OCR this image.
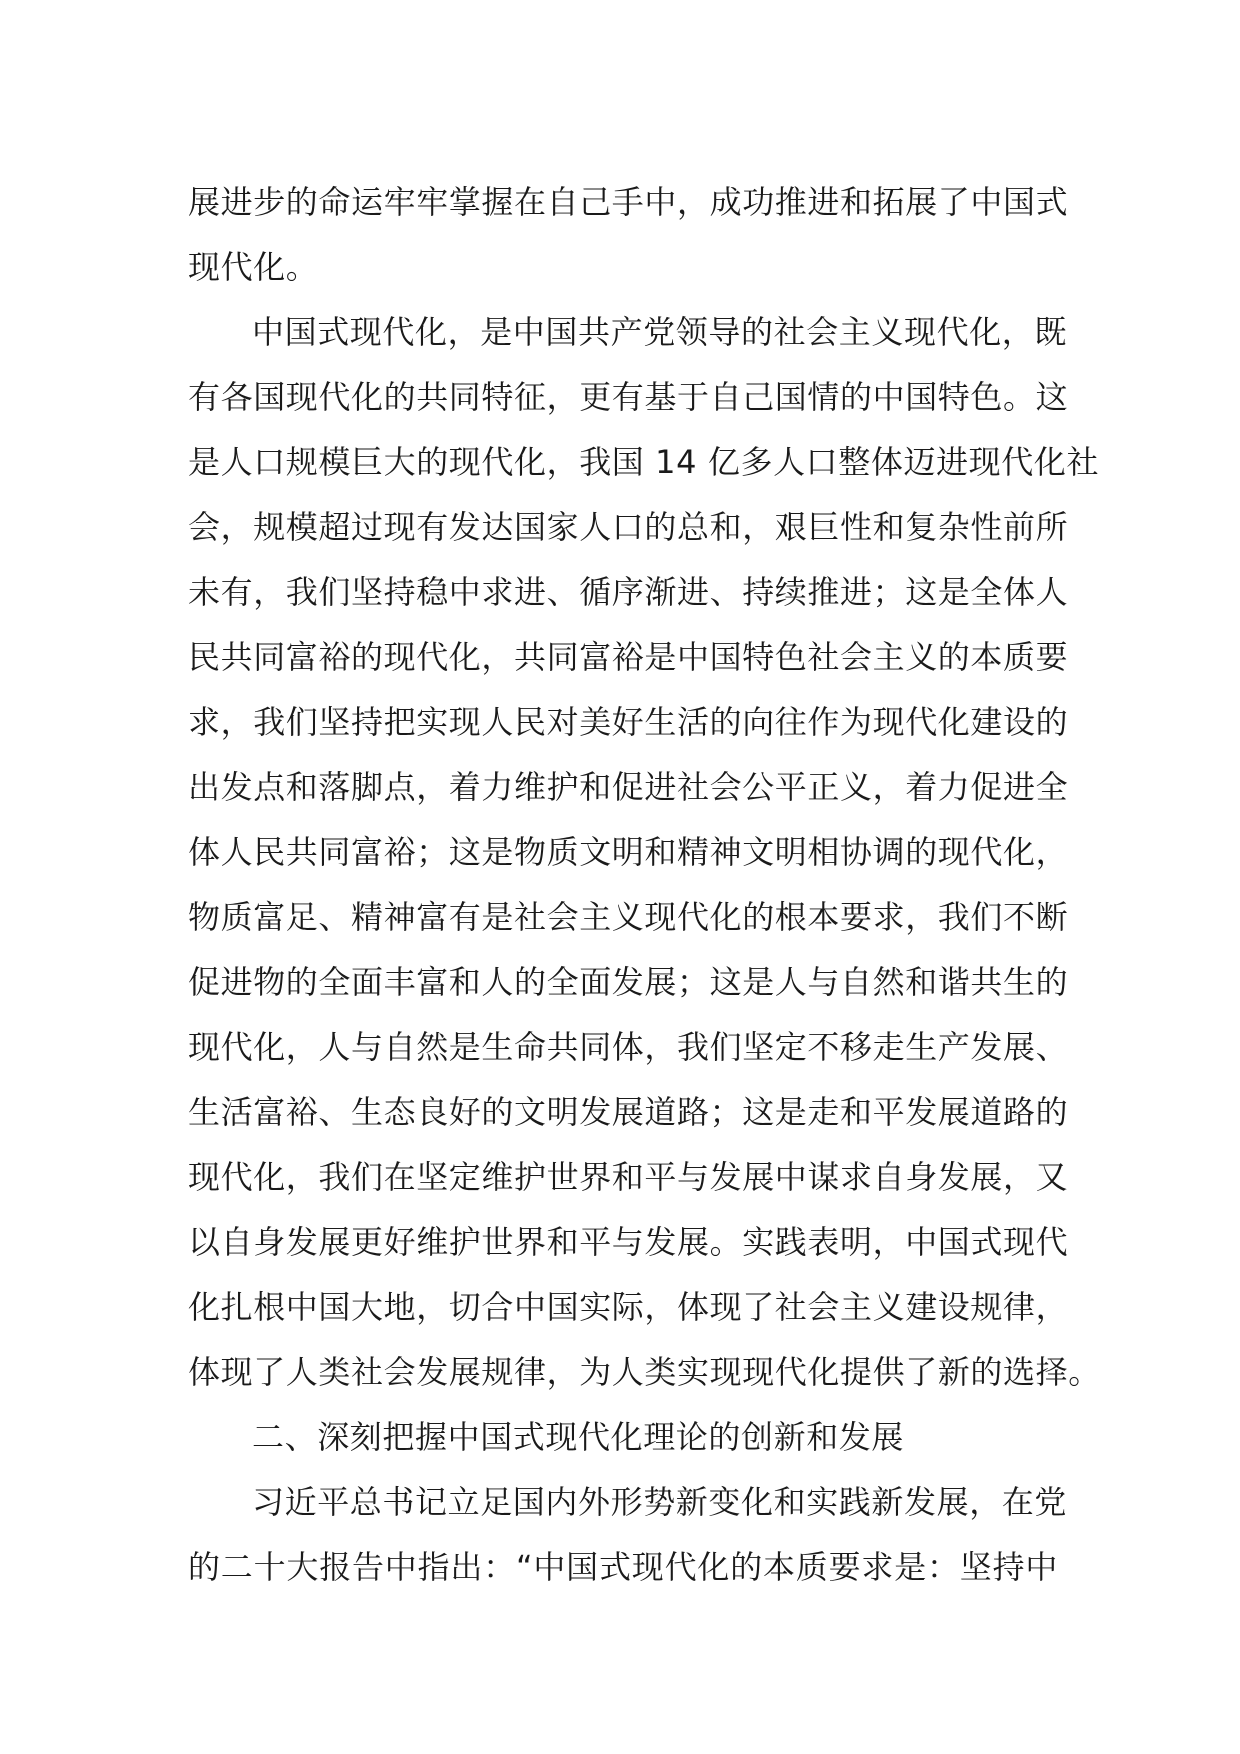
展进步的命运牢牢掌握在自己手中，成功推进和拓展了中国式
现代化。
中国式现代化，是中国共产党领导的社会主义现代化，既
有各国现代化的共同特征，更有基于自己国情的中国特色。这
是人口规模巨大的现代化，我国 14 亿多人口整体迈进现代化社
会，规模超过现有发达国家人口的总和，艰巨性和复杂性前所
未有，我们坚持稳中求进、循序渐进、持续推进；这是全体人
民共同富裕的现代化，共同富裕是中国特色社会主义的本质要
求，我们坚持把实现人民对美好生活的向往作为现代化建设的
出发点和落脚点，着力维护和促进社会公平正义，着力促进全
体人民共同富裕；这是物质文明和精神文明相协调的现代化，
物质富足、精神富有是社会主义现代化的根本要求，我们不断
促进物的全面丰富和人的全面发展；这是人与自然和谐共生的
现代化，人与自然是生命共同体，我们坚定不移走生产发展、
生活富裕、生态良好的文明发展道路；这是走和平发展道路的
现代化，我们在坚定维护世界和平与发展中谋求自身发展，又
以自身发展更好维护世界和平与发展。实践表明，中国式现代
化扎根中国大地，切合中国实际，体现了社会主义建设规律，
体现了人类社会发展规律，为人类实现现代化提供了新的选择。
二、深刻把握中国式现代化理论的创新和发展
习近平总书记立足国内外形势新变化和实践新发展，在党
的二十大报告中指出：“中国式现代化的本质要求是：坚持中
